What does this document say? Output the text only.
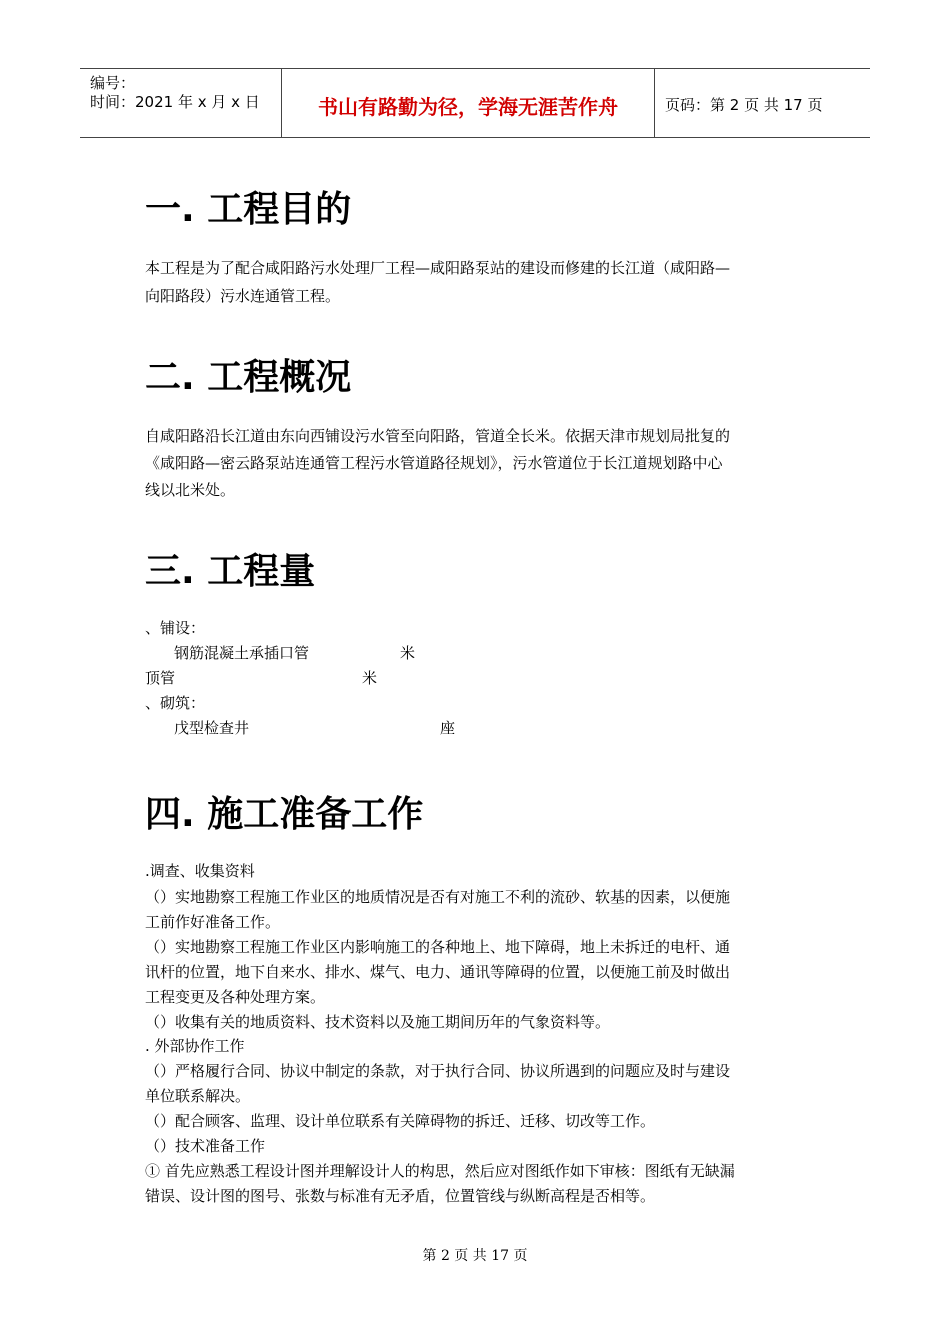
编号：
时间：2021 年 x 月 x 日	书山有路勤为径，学海无涯苦作舟	页码：第 2 页 共 17 页
一. 工程目的
本工程是为了配合咸阳路污水处理厂工程—咸阳路泵站的建设而修建的长江道（咸阳路—
向阳路段）污水连通管工程。
二. 工程概况
自咸阳路沿长江道由东向西铺设污水管至向阳路，管道全长米。依据天津市规划局批复的
《咸阳路—密云路泵站连通管工程污水管道路径规划》，污水管道位于长江道规划路中心
线以北米处。
三. 工程量
、铺设：
钢筋混凝土承插口管	米
顶管	米
、砌筑：
戊型检查井	座
四. 施工准备工作
.调查、收集资料
（）实地勘察工程施工作业区的地质情况是否有对施工不利的流砂、软基的因素，以便施
工前作好准备工作。
（）实地勘察工程施工作业区内影响施工的各种地上、地下障碍，地上未拆迁的电杆、通
讯杆的位置，地下自来水、排水、煤气、电力、通讯等障碍的位置，以便施工前及时做出
工程变更及各种处理方案。
（）收集有关的地质资料、技术资料以及施工期间历年的气象资料等。
. 外部协作工作
（）严格履行合同、协议中制定的条款，对于执行合同、协议所遇到的问题应及时与建设
单位联系解决。
（）配合顾客、监理、设计单位联系有关障碍物的拆迁、迁移、切改等工作。
（）技术准备工作
① 首先应熟悉工程设计图并理解设计人的构思，然后应对图纸作如下审核：图纸有无缺漏
错误、设计图的图号、张数与标准有无矛盾，位置管线与纵断高程是否相等。
第 2 页 共 17 页
